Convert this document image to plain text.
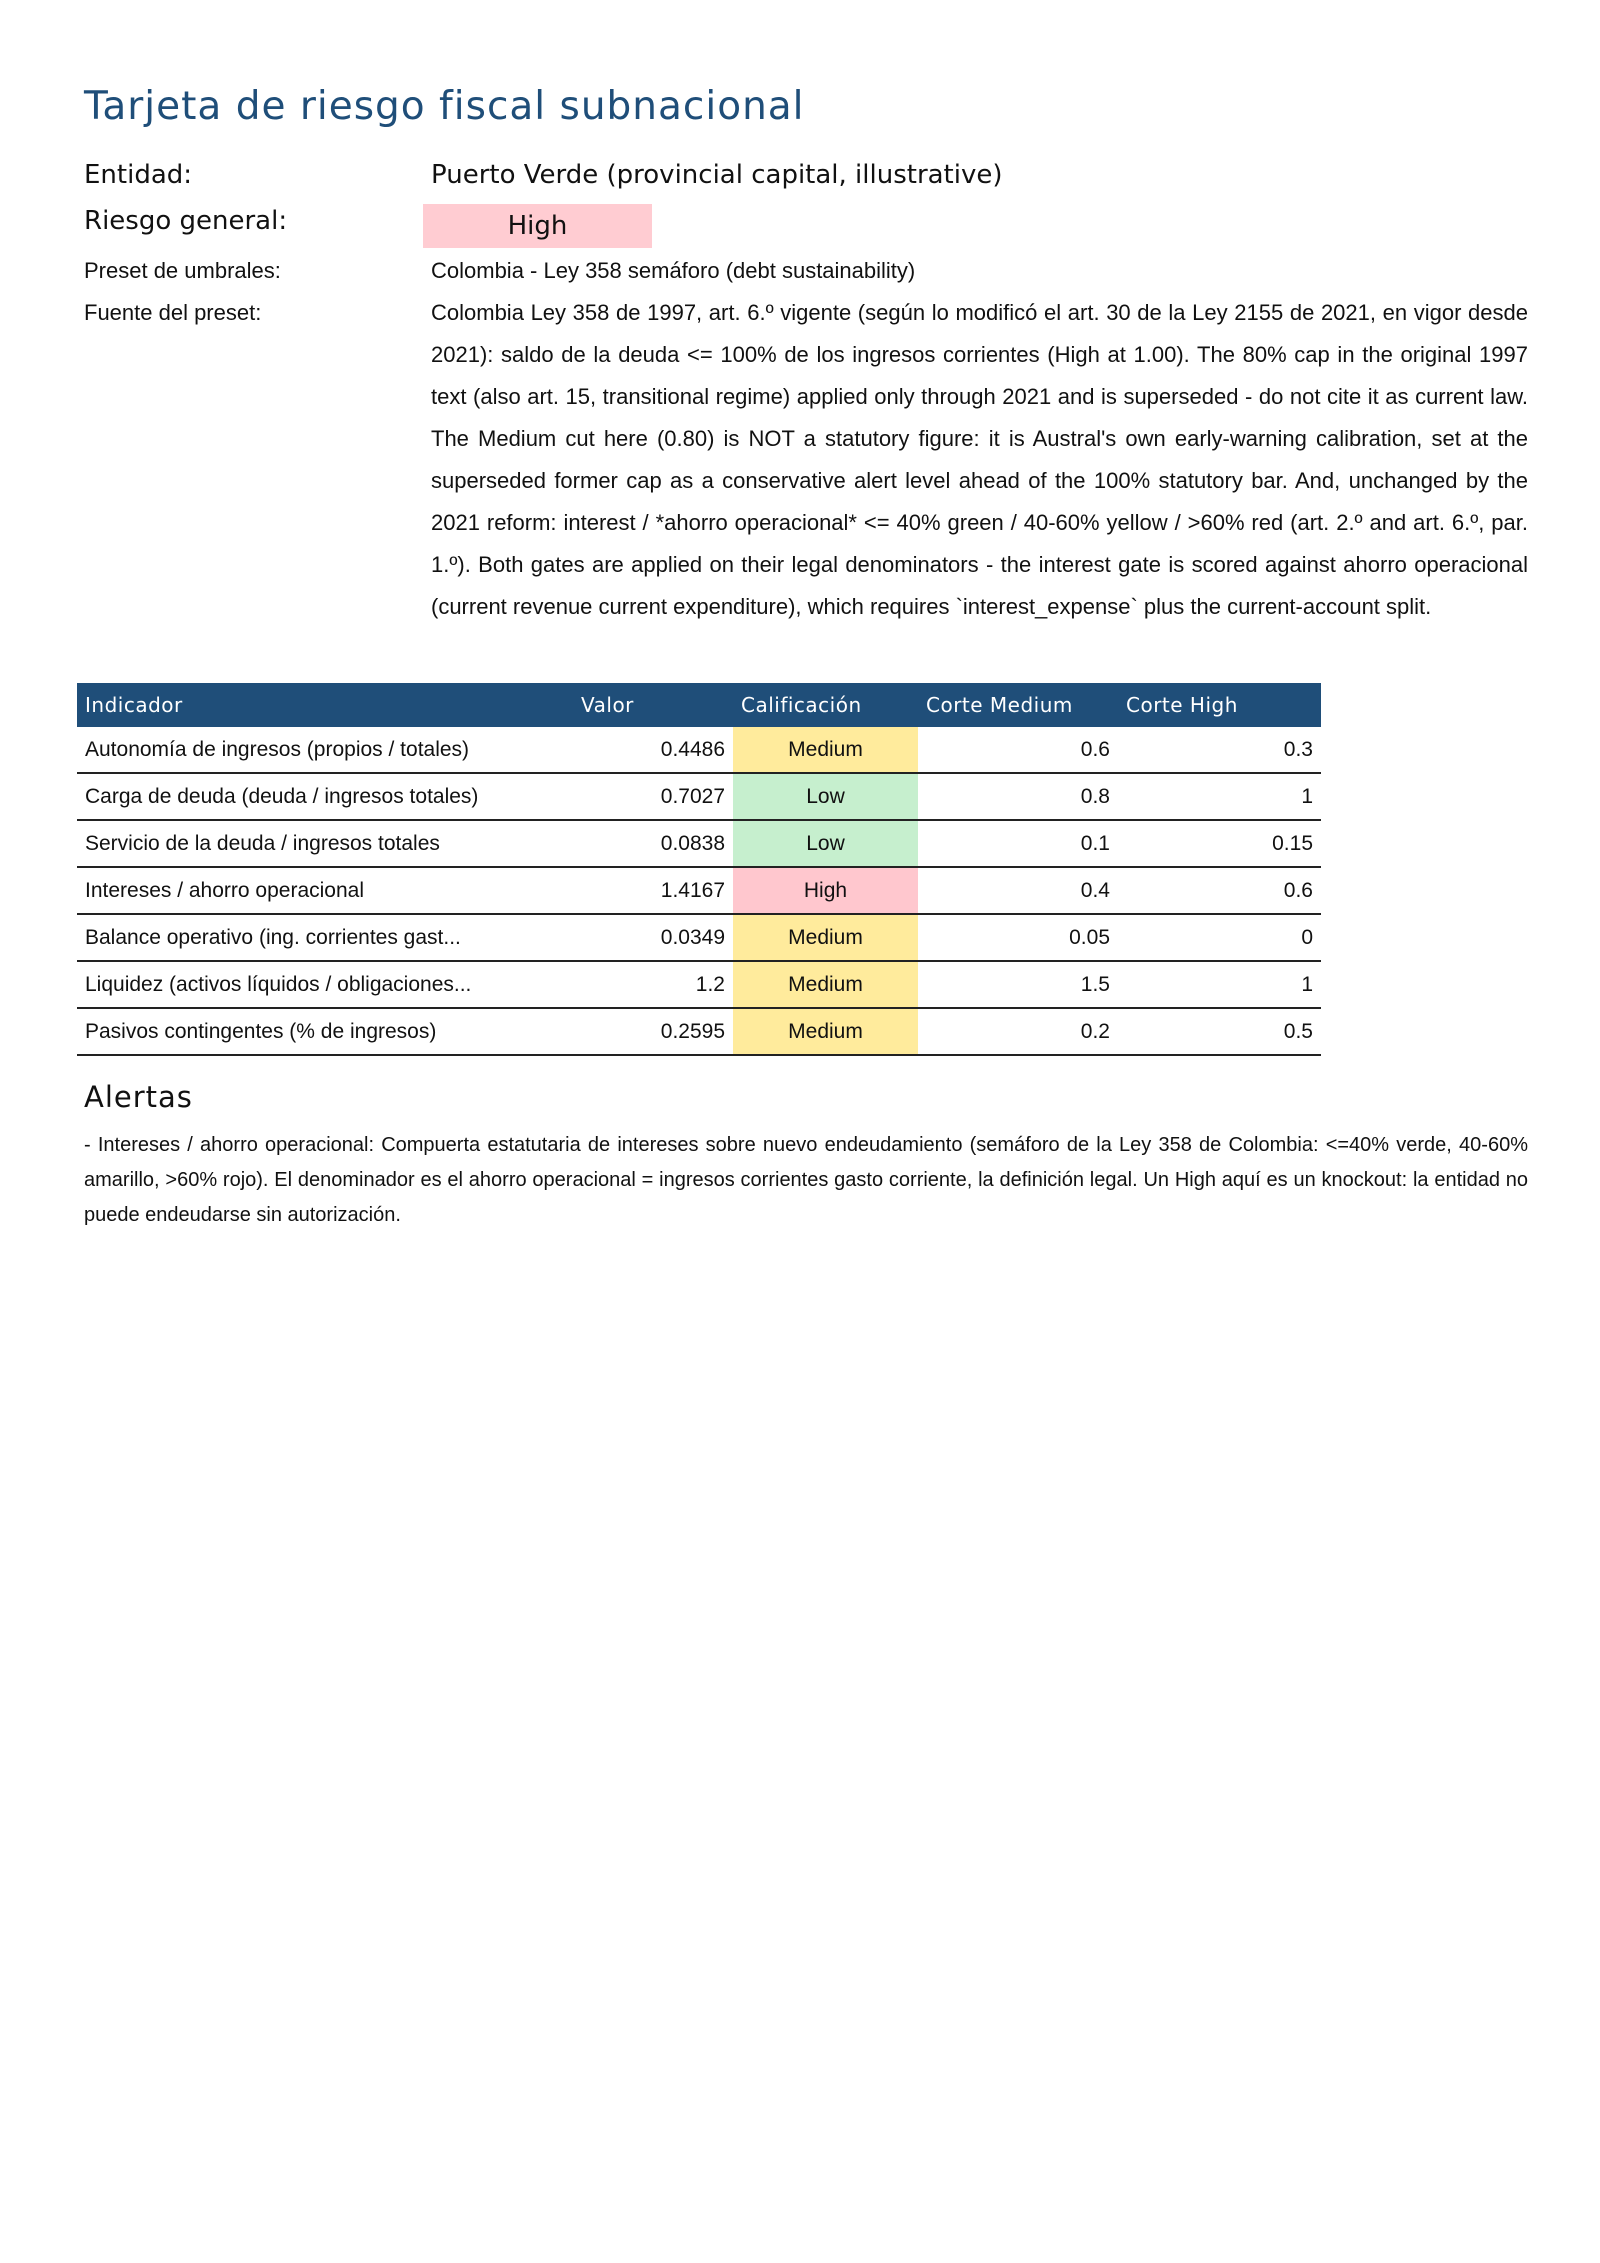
Tarjeta de riesgo fiscal subnacional
Entidad:	Puerto Verde (provincial capital, illustrative)
Riesgo general:	High
Preset de umbrales:	Colombia - Ley 358 semáforo (debt sustainability)
Fuente del preset:	Colombia Ley 358 de 1997, art. 6.º vigente (según lo modificó el art. 30 de la Ley 2155 de 2021, en vigor desde 2021): saldo de la deuda <= 100% de los ingresos corrientes (High at 1.00). The 80% cap in the original 1997 text (also art. 15, transitional regime) applied only through 2021 and is superseded - do not cite it as current law. The Medium cut here (0.80) is NOT a statutory figure: it is Austral's own early-warning calibration, set at the superseded former cap as a conservative alert level ahead of the 100% statutory bar. And, unchanged by the 2021 reform: interest / *ahorro operacional* <= 40% green / 40-60% yellow / >60% red (art. 2.º and art. 6.º, par. 1.º). Both gates are applied on their legal denominators - the interest gate is scored against ahorro operacional (current revenue current expenditure), which requires `interest_expense` plus the current-account split.
Indicador	Valor	Calificación	Corte Medium	Corte High
Autonomía de ingresos (propios / totales)	0.4486	Medium	0.6	0.3
Carga de deuda (deuda / ingresos totales)	0.7027	Low	0.8	1
Servicio de la deuda / ingresos totales	0.0838	Low	0.1	0.15
Intereses / ahorro operacional	1.4167	High	0.4	0.6
Balance operativo (ing. corrientes gast...	0.0349	Medium	0.05	0
Liquidez (activos líquidos / obligaciones...	1.2	Medium	1.5	1
Pasivos contingentes (% de ingresos)	0.2595	Medium	0.2	0.5
Alertas

- Intereses / ahorro operacional: Compuerta estatutaria de intereses sobre nuevo endeudamiento (semáforo de la Ley 358 de Colombia: <=40% verde, 40-60% amarillo, >60% rojo). El denominador es el ahorro operacional = ingresos corrientes gasto corriente, la definición legal. Un High aquí es un knockout: la entidad no puede endeudarse sin autorización.
